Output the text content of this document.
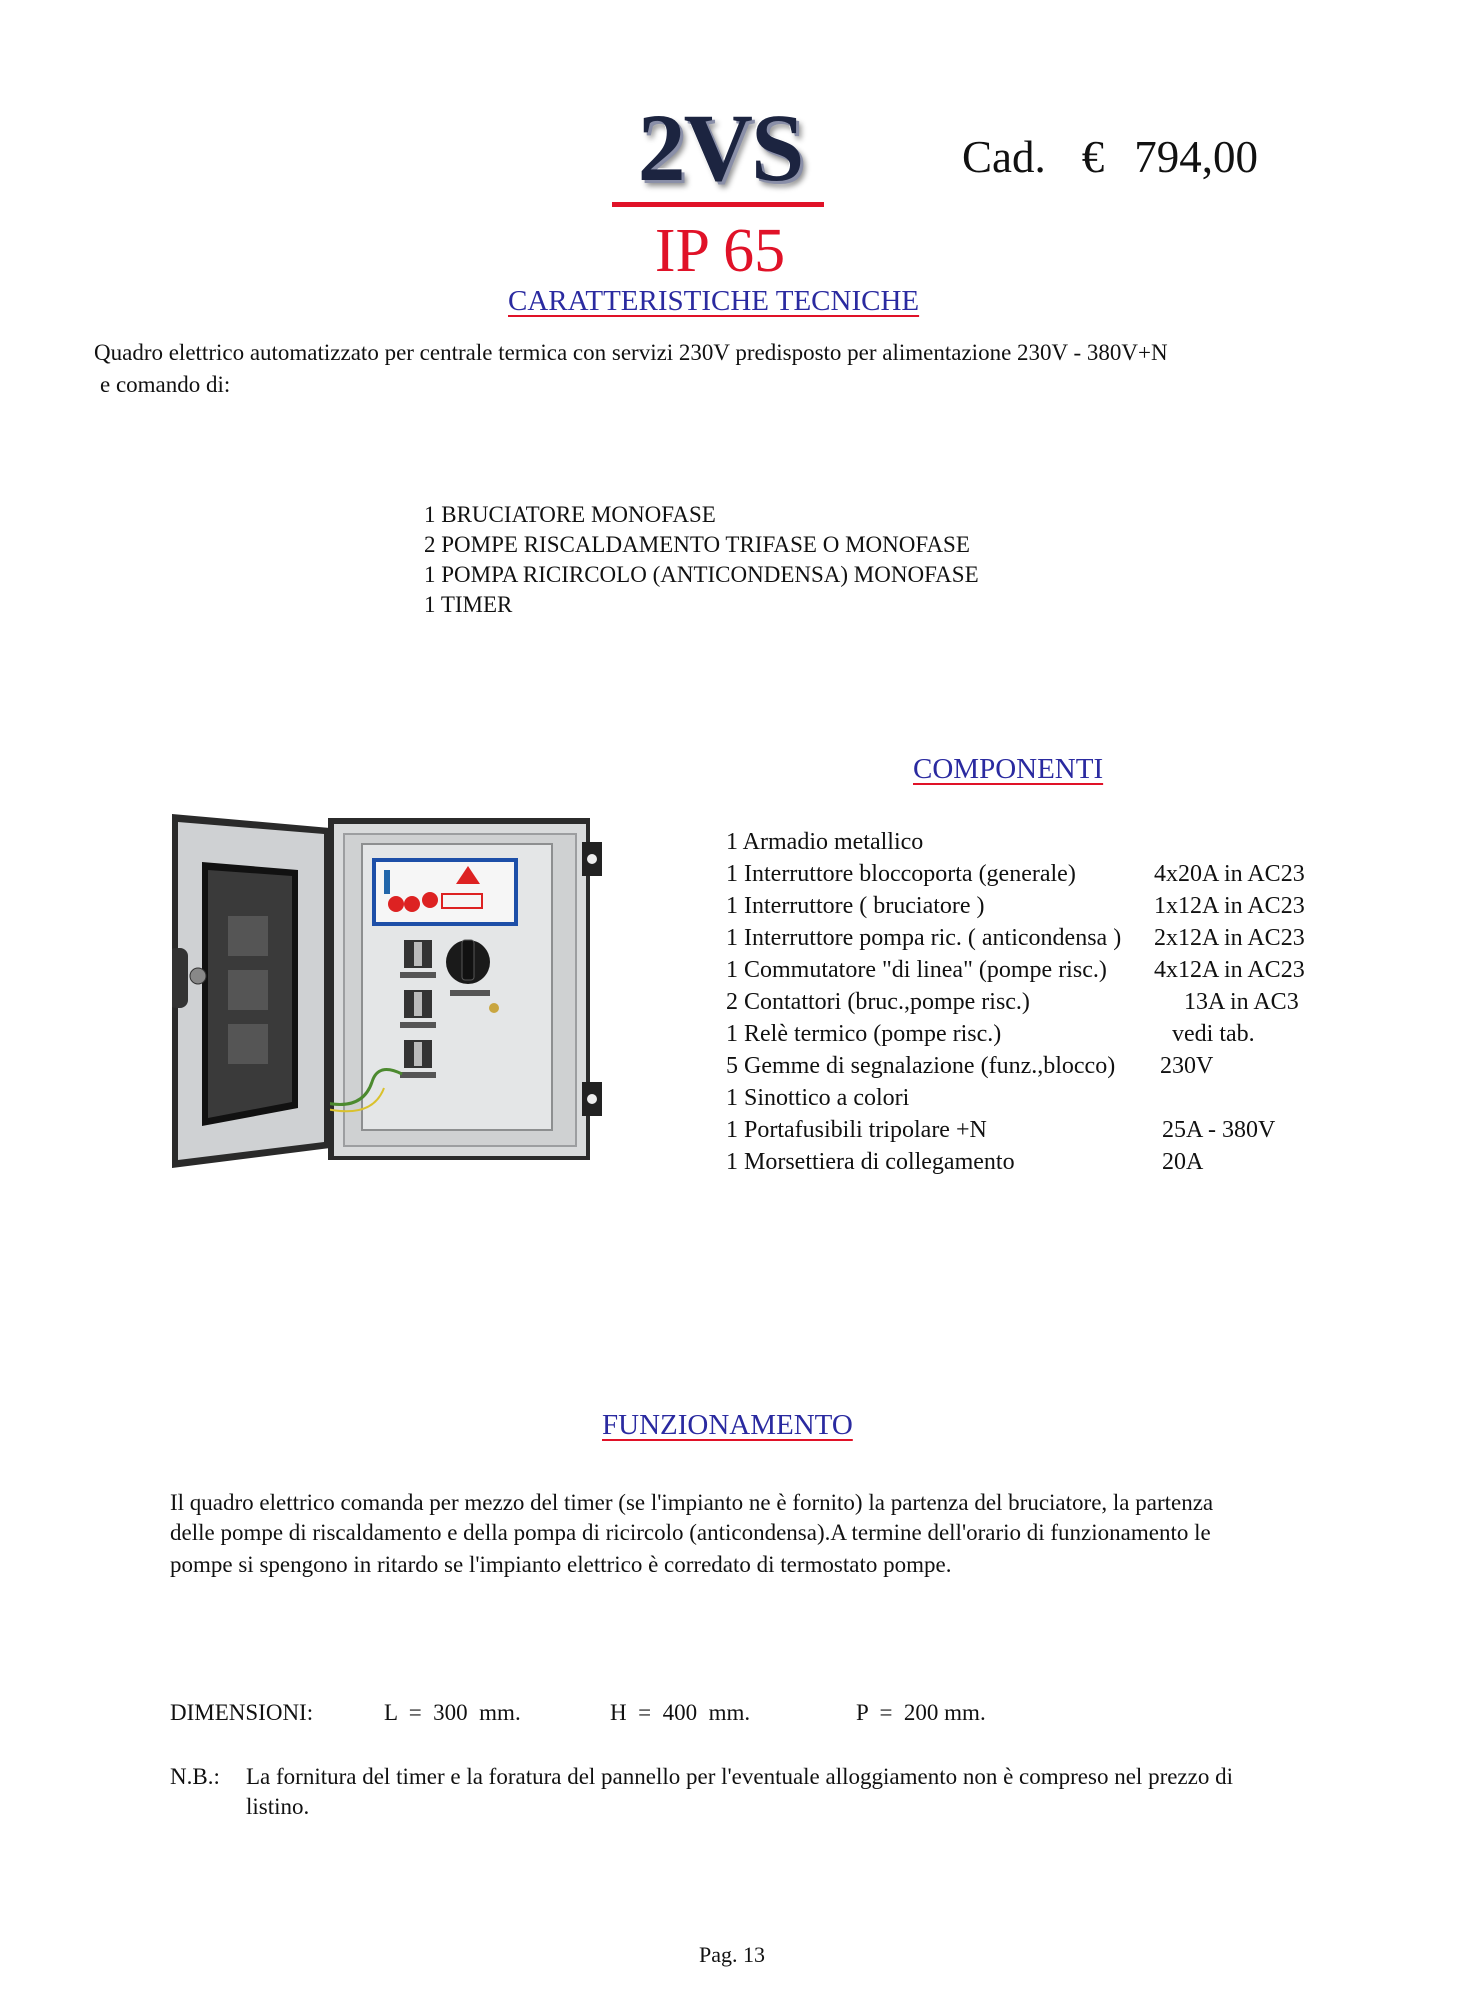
2VS	Cad. € 794,00
IP 65
CARATTERISTICHE TECNICHE
Quadro elettrico automatizzato per centrale termica con servizi 230V predisposto per alimentazione 230V - 380V+N
e comando di:
1 BRUCIATORE MONOFASE
2 POMPE RISCALDAMENTO TRIFASE O MONOFASE
1 POMPA RICIRCOLO (ANTICONDENSA) MONOFASE
1 TIMER
COMPONENTI
1 Armadio metallico	
1 Interruttore bloccoporta (generale)	4x20A in AC23
1 Interruttore ( bruciatore )	1x12A in AC23
1 Interruttore pompa ric. ( anticondensa )	2x12A in AC23
1 Commutatore "di linea" (pompe risc.)	4x12A in AC23
2 Contattori (bruc.,pompe risc.)	13A in AC3
1 Relè termico (pompe risc.)	vedi tab.
5 Gemme di segnalazione (funz.,blocco)	230V
1 Sinottico a colori	
1 Portafusibili tripolare +N	25A - 380V
1 Morsettiera di collegamento	20A
FUNZIONAMENTO
Il quadro elettrico comanda per mezzo del timer (se l'impianto ne è fornito) la partenza del bruciatore, la partenza
delle pompe di riscaldamento e della pompa di ricircolo (anticondensa).A termine dell'orario di funzionamento le
pompe si spengono in ritardo se l'impianto elettrico è corredato di termostato pompe.
DIMENSIONI:	L  =  300  mm.	H  =  400  mm.	P  =  200 mm.
N.B.: La fornitura del timer e la foratura del pannello per l'eventuale alloggiamento non è compreso nel prezzo di
listino.
Pag. 13
